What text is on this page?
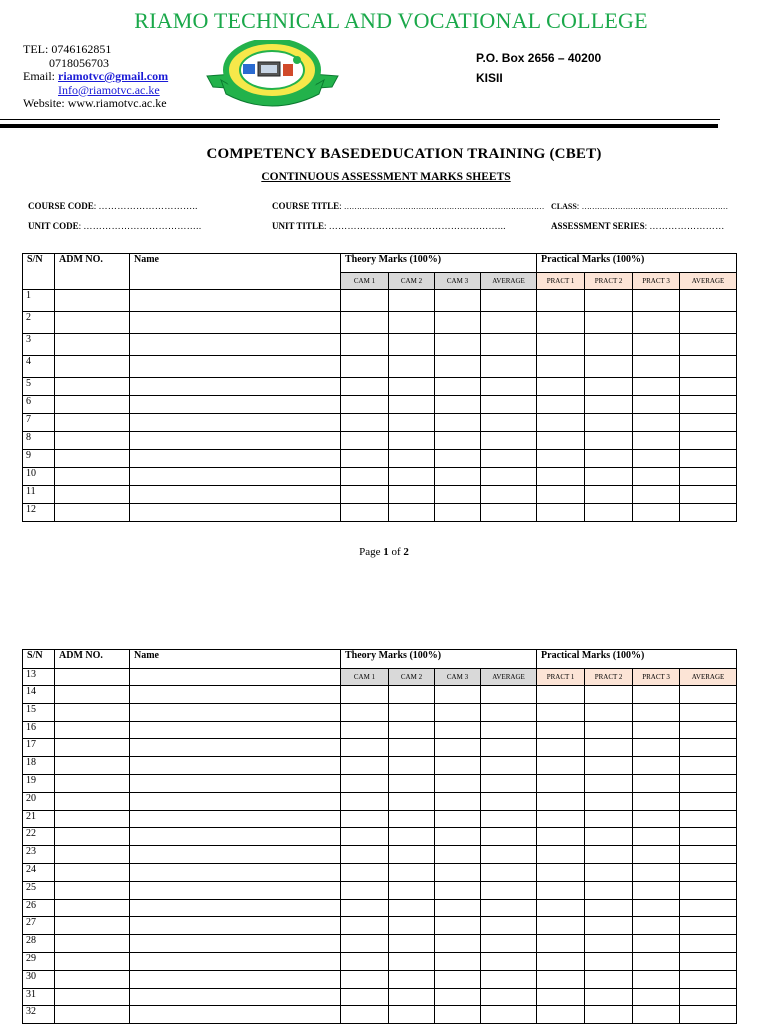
RIAMO TECHNICAL AND VOCATIONAL COLLEGE
TEL: 0746162851
0718056703
Email: riamotvc@gmail.com
Info@riamotvc.ac.ke
Website: www.riamotvc.ac.ke
P.O. Box 2656 – 40200
KISII
COMPETENCY BASEDEDUCATION TRAINING (CBET)
CONTINUOUS ASSESSMENT MARKS SHEETS
COURSE CODE: …………………………..	COURSE TITLE: …………………………………………………………………… CLASS: …………………………………………………
UNIT CODE: ………………………………..	UNIT TITLE: ………………………………………………...	ASSESSMENT SERIES: ……………………
S/N	ADM NO.	Name	Theory Marks (100%)				Practical Marks (100%)			
			CAM 1	CAM 2	CAM 3	AVERAGE	PRACT 1	PRACT 2	PRACT 3	AVERAGE
1										
2										
3										
4										
5										
6										
7										
8										
9										
10										
11										
12										
Page 1 of 2
S/N	ADM NO.	Name	Theory Marks (100%)				Practical Marks (100%)			
13			CAM 1	CAM 2	CAM 3	AVERAGE	PRACT 1	PRACT 2	PRACT 3	AVERAGE
14										
15										
16										
17										
18										
19										
20										
21										
22										
23										
24										
25										
26										
27										
28										
29										
30										
31										
32										
